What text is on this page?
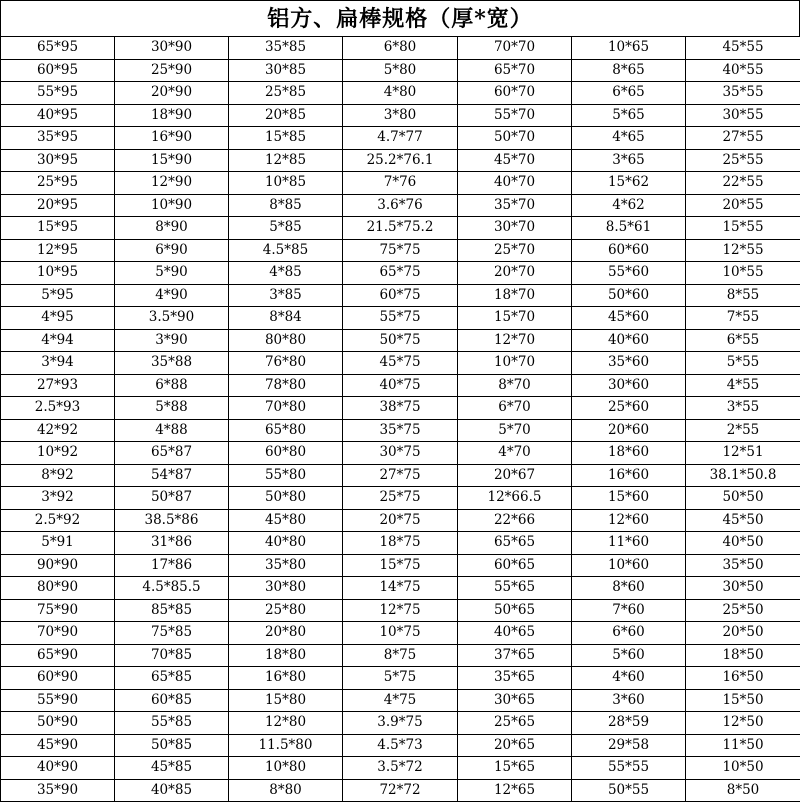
铝方、扁棒规格（厚*宽）
65*95	30*90	35*85	6*80	70*70	10*65	45*55
60*95	25*90	30*85	5*80	65*70	8*65	40*55
55*95	20*90	25*85	4*80	60*70	6*65	35*55
40*95	18*90	20*85	3*80	55*70	5*65	30*55
35*95	16*90	15*85	4.7*77	50*70	4*65	27*55
30*95	15*90	12*85	25.2*76.1	45*70	3*65	25*55
25*95	12*90	10*85	7*76	40*70	15*62	22*55
20*95	10*90	8*85	3.6*76	35*70	4*62	20*55
15*95	8*90	5*85	21.5*75.2	30*70	8.5*61	15*55
12*95	6*90	4.5*85	75*75	25*70	60*60	12*55
10*95	5*90	4*85	65*75	20*70	55*60	10*55
5*95	4*90	3*85	60*75	18*70	50*60	8*55
4*95	3.5*90	8*84	55*75	15*70	45*60	7*55
4*94	3*90	80*80	50*75	12*70	40*60	6*55
3*94	35*88	76*80	45*75	10*70	35*60	5*55
27*93	6*88	78*80	40*75	8*70	30*60	4*55
2.5*93	5*88	70*80	38*75	6*70	25*60	3*55
42*92	4*88	65*80	35*75	5*70	20*60	2*55
10*92	65*87	60*80	30*75	4*70	18*60	12*51
8*92	54*87	55*80	27*75	20*67	16*60	38.1*50.8
3*92	50*87	50*80	25*75	12*66.5	15*60	50*50
2.5*92	38.5*86	45*80	20*75	22*66	12*60	45*50
5*91	31*86	40*80	18*75	65*65	11*60	40*50
90*90	17*86	35*80	15*75	60*65	10*60	35*50
80*90	4.5*85.5	30*80	14*75	55*65	8*60	30*50
75*90	85*85	25*80	12*75	50*65	7*60	25*50
70*90	75*85	20*80	10*75	40*65	6*60	20*50
65*90	70*85	18*80	8*75	37*65	5*60	18*50
60*90	65*85	16*80	5*75	35*65	4*60	16*50
55*90	60*85	15*80	4*75	30*65	3*60	15*50
50*90	55*85	12*80	3.9*75	25*65	28*59	12*50
45*90	50*85	11.5*80	4.5*73	20*65	29*58	11*50
40*90	45*85	10*80	3.5*72	15*65	55*55	10*50
35*90	40*85	8*80	72*72	12*65	50*55	8*50
